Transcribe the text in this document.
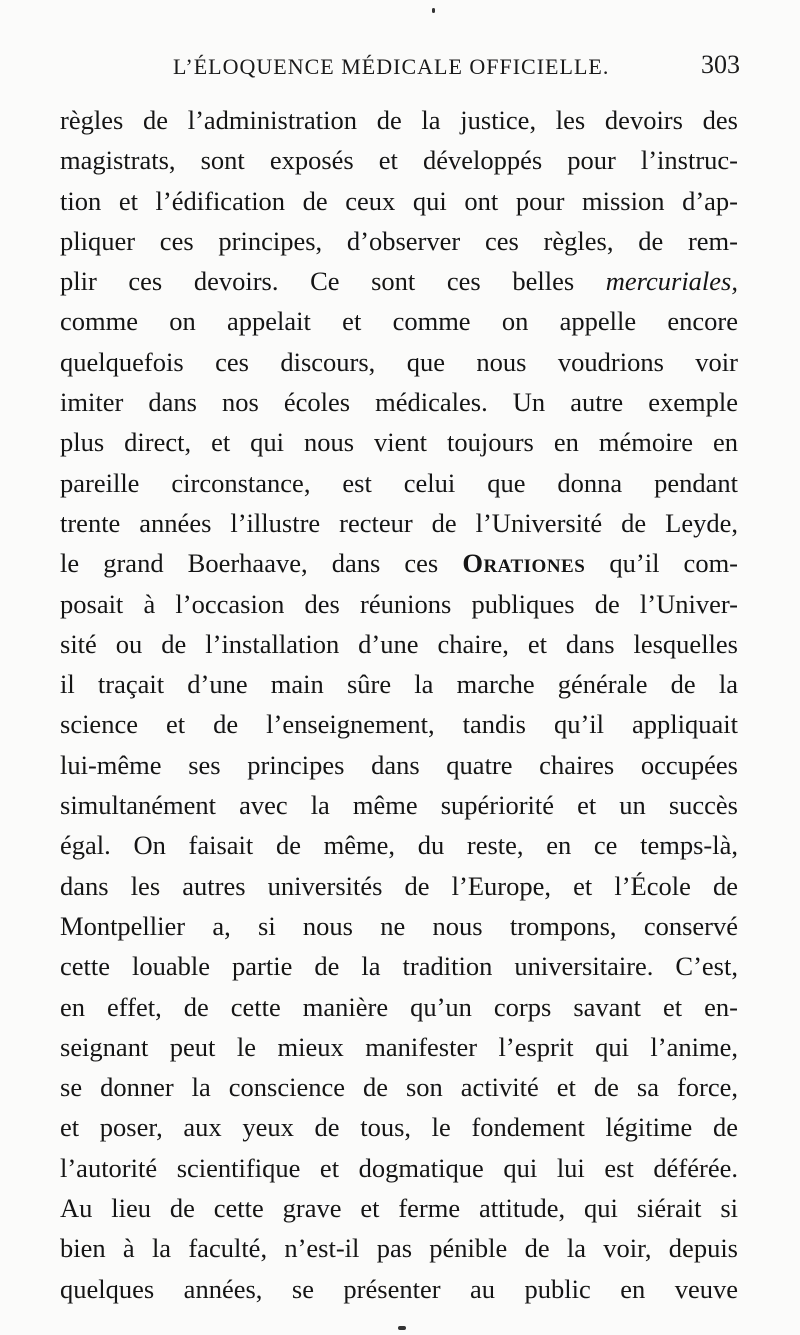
L’ÉLOQUENCE MÉDICALE OFFICIELLE.	303
règles de l’administration de la justice, les devoirs des
magistrats, sont exposés et développés pour l’instruc-
tion et l’édification de ceux qui ont pour mission d’ap-
pliquer ces principes, d’observer ces règles, de rem-
plir ces devoirs. Ce sont ces belles mercuriales,
comme on appelait et comme on appelle encore
quelquefois ces discours, que nous voudrions voir
imiter dans nos écoles médicales. Un autre exemple
plus direct, et qui nous vient toujours en mémoire en
pareille circonstance, est celui que donna pendant
trente années l’illustre recteur de l’Université de Leyde,
le grand Boerhaave, dans ces Orationes qu’il com-
posait à l’occasion des réunions publiques de l’Univer-
sité ou de l’installation d’une chaire, et dans lesquelles
il traçait d’une main sûre la marche générale de la
science et de l’enseignement, tandis qu’il appliquait
lui-même ses principes dans quatre chaires occupées
simultanément avec la même supériorité et un succès
égal. On faisait de même, du reste, en ce temps-là,
dans les autres universités de l’Europe, et l’École de
Montpellier a, si nous ne nous trompons, conservé
cette louable partie de la tradition universitaire. C’est,
en effet, de cette manière qu’un corps savant et en-
seignant peut le mieux manifester l’esprit qui l’anime,
se donner la conscience de son activité et de sa force,
et poser, aux yeux de tous, le fondement légitime de
l’autorité scientifique et dogmatique qui lui est déférée.
Au lieu de cette grave et ferme attitude, qui siérait si
bien à la faculté, n’est-il pas pénible de la voir, depuis
quelques années, se présenter au public en veuve
